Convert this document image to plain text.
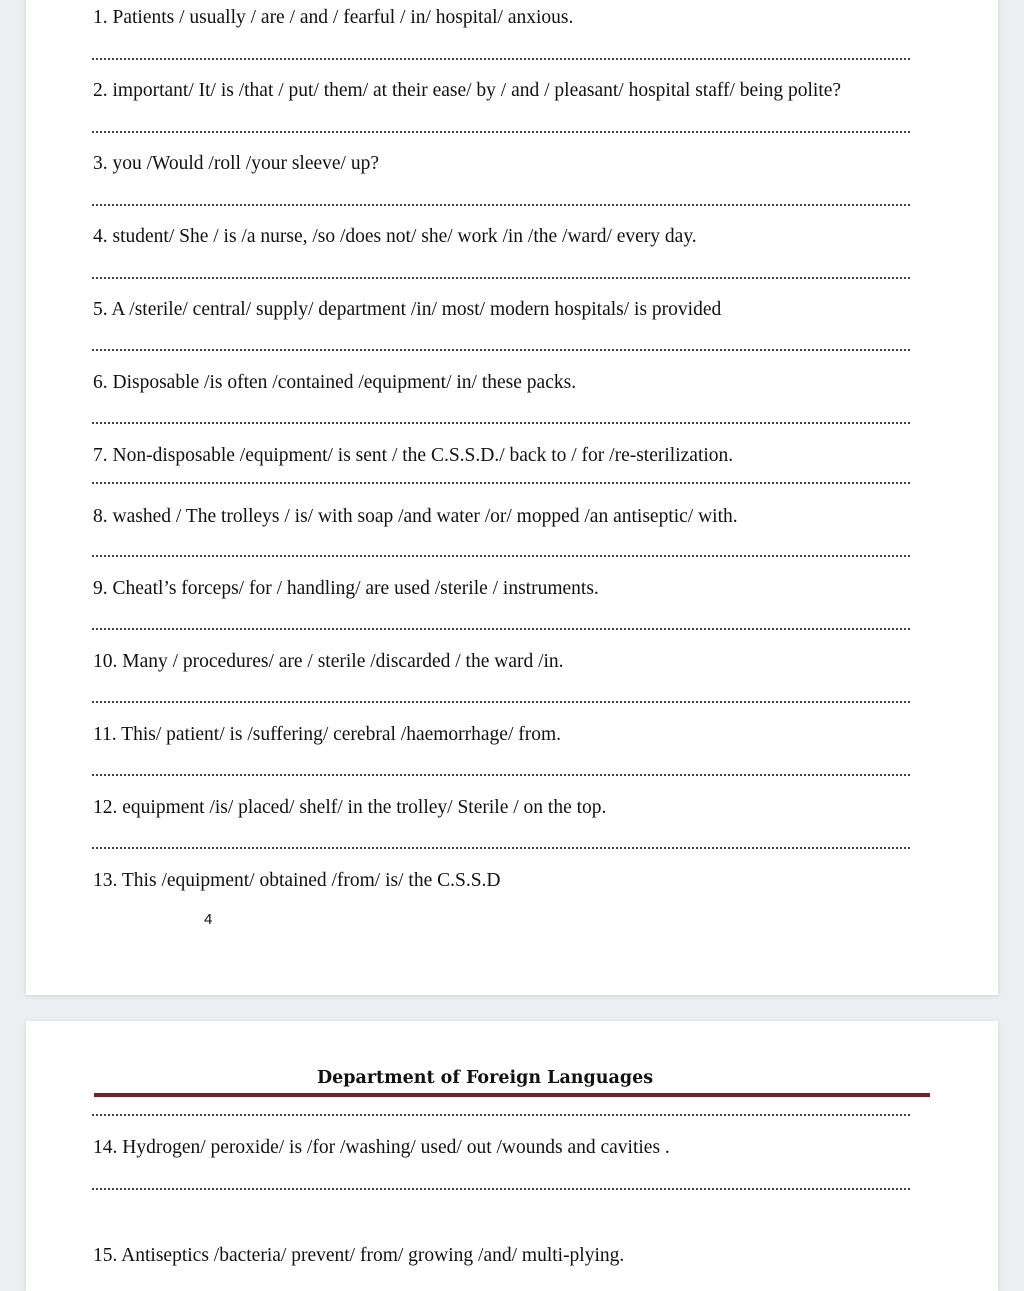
1. Patients / usually / are / and / fearful / in/ hospital/ anxious.
2. important/ It/ is /that / put/ them/ at their ease/ by / and / pleasant/ hospital staff/ being polite?
3. you /Would /roll /your sleeve/ up?
4. student/ She / is /a nurse, /so /does not/ she/ work /in /the /ward/ every day.
5. A /sterile/ central/ supply/ department /in/ most/ modern hospitals/ is provided
6. Disposable /is often /contained /equipment/ in/ these packs.
7. Non-disposable /equipment/ is sent / the C.S.S.D./ back to / for /re-sterilization.
8. washed / The trolleys / is/ with soap /and water /or/ mopped /an antiseptic/ with.
9. Cheatl’s forceps/ for / handling/ are used /sterile / instruments.
10. Many / procedures/ are / sterile /discarded / the ward /in.
11. This/ patient/ is /suffering/ cerebral /haemorrhage/ from.
12. equipment /is/ placed/ shelf/ in the trolley/ Sterile / on the top.
13. This /equipment/ obtained /from/ is/ the C.S.S.D
4
Department of Foreign Languages
14. Hydrogen/ peroxide/ is /for /washing/ used/ out /wounds and cavities .
15. Antiseptics /bacteria/ prevent/ from/ growing /and/ multi-plying.
